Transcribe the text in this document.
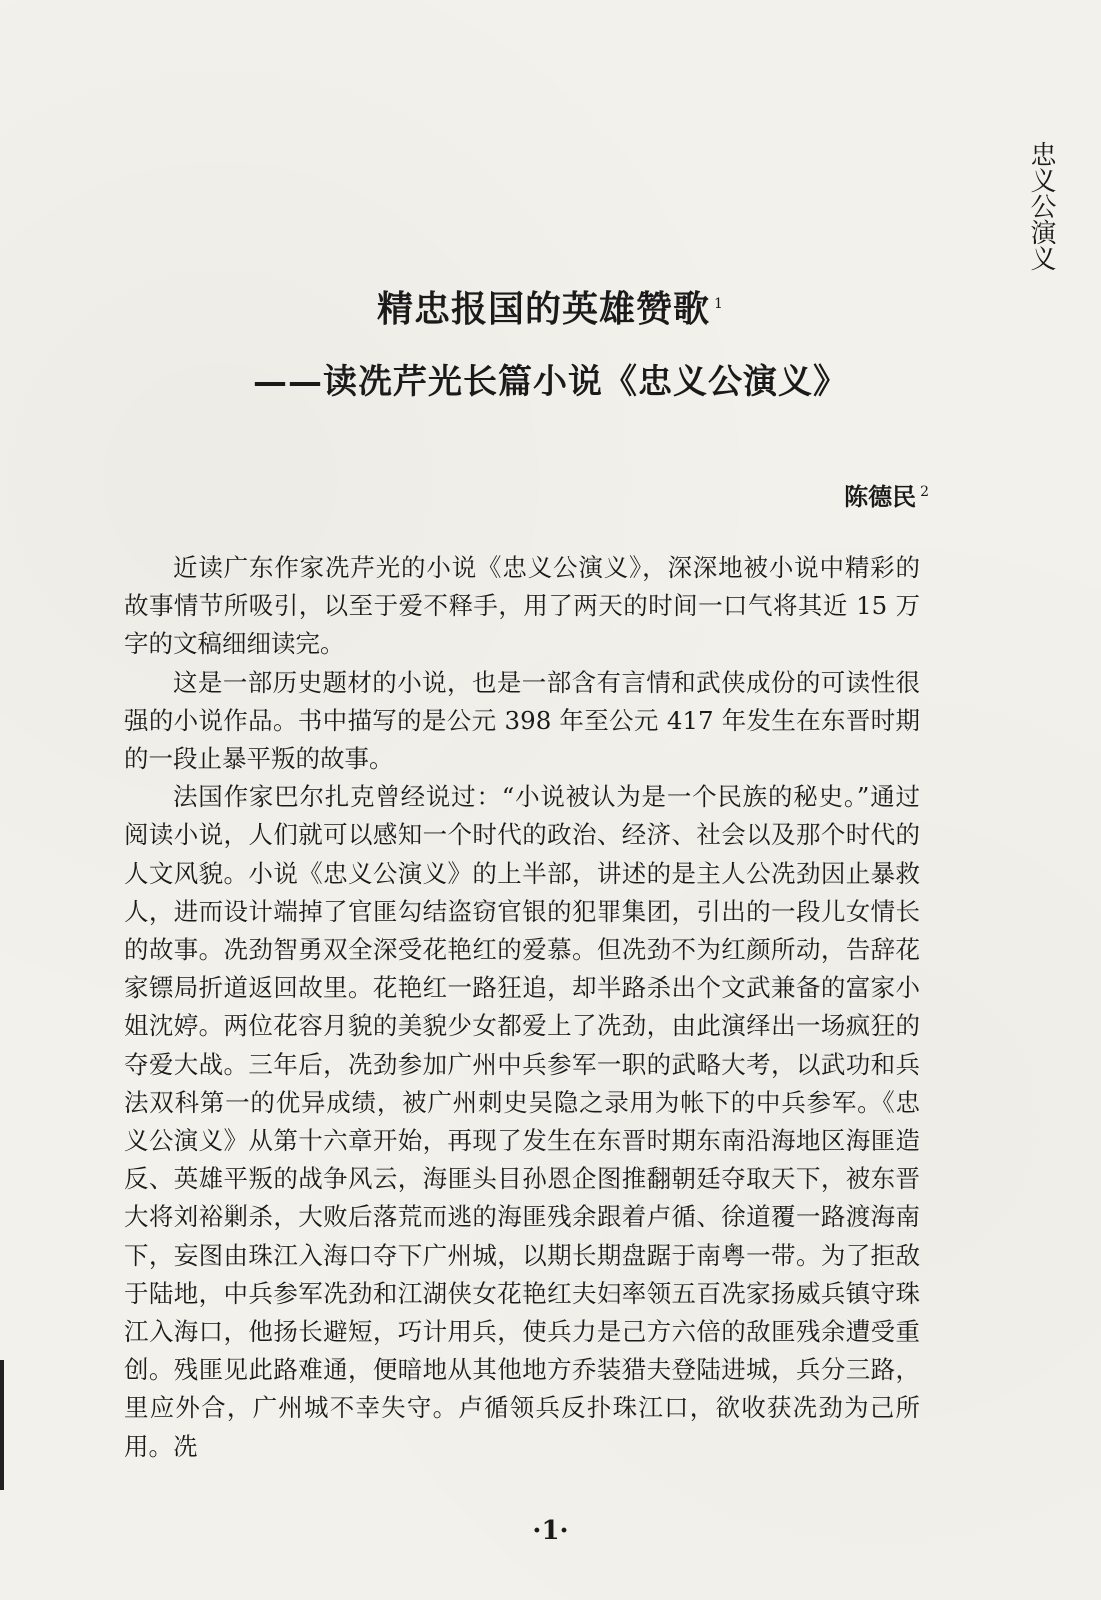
忠义公演义
精忠报国的英雄赞歌 $^1$
——读冼芹光长篇小说《忠义公演义》
陈德民 $^2$

近读广东作家冼芹光的小说《忠义公演义》，深深地被小说中精彩的故事情节所吸引，以至于爱不释手，用了两天的时间一口气将其近 15 万字的文稿细细读完。

这是一部历史题材的小说，也是一部含有言情和武侠成份的可读性很强的小说作品。书中描写的是公元 398 年至公元 417 年发生在东晋时期的一段止暴平叛的故事。

法国作家巴尔扎克曾经说过：“小说被认为是一个民族的秘史。”通过阅读小说，人们就可以感知一个时代的政治、经济、社会以及那个时代的人文风貌。小说《忠义公演义》的上半部，讲述的是主人公冼劲因止暴救人，进而设计端掉了官匪勾结盗窃官银的犯罪集团，引出的一段儿女情长的故事。冼劲智勇双全深受花艳红的爱慕。但冼劲不为红颜所动，告辞花家镖局折道返回故里。花艳红一路狂追，却半路杀出个文武兼备的富家小姐沈婷。两位花容月貌的美貌少女都爱上了冼劲，由此演绎出一场疯狂的夺爱大战。三年后，冼劲参加广州中兵参军一职的武略大考，以武功和兵法双科第一的优异成绩，被广州刺史吴隐之录用为帐下的中兵参军。《忠义公演义》从第十六章开始，再现了发生在东晋时期东南沿海地区海匪造反、英雄平叛的战争风云，海匪头目孙恩企图推翻朝廷夺取天下，被东晋大将刘裕剿杀，大败后落荒而逃的海匪残余跟着卢循、徐道覆一路渡海南下，妄图由珠江入海口夺下广州城，以期长期盘踞于南粤一带。为了拒敌于陆地，中兵参军冼劲和江湖侠女花艳红夫妇率领五百冼家扬威兵镇守珠江入海口，他扬长避短，巧计用兵，使兵力是己方六倍的敌匪残余遭受重创。残匪见此路难通，便暗地从其他地方乔装猎夫登陆进城，兵分三路，里应外合，广州城不幸失守。卢循领兵反扑珠江口，欲收获冼劲为己所用。冼

·1·
